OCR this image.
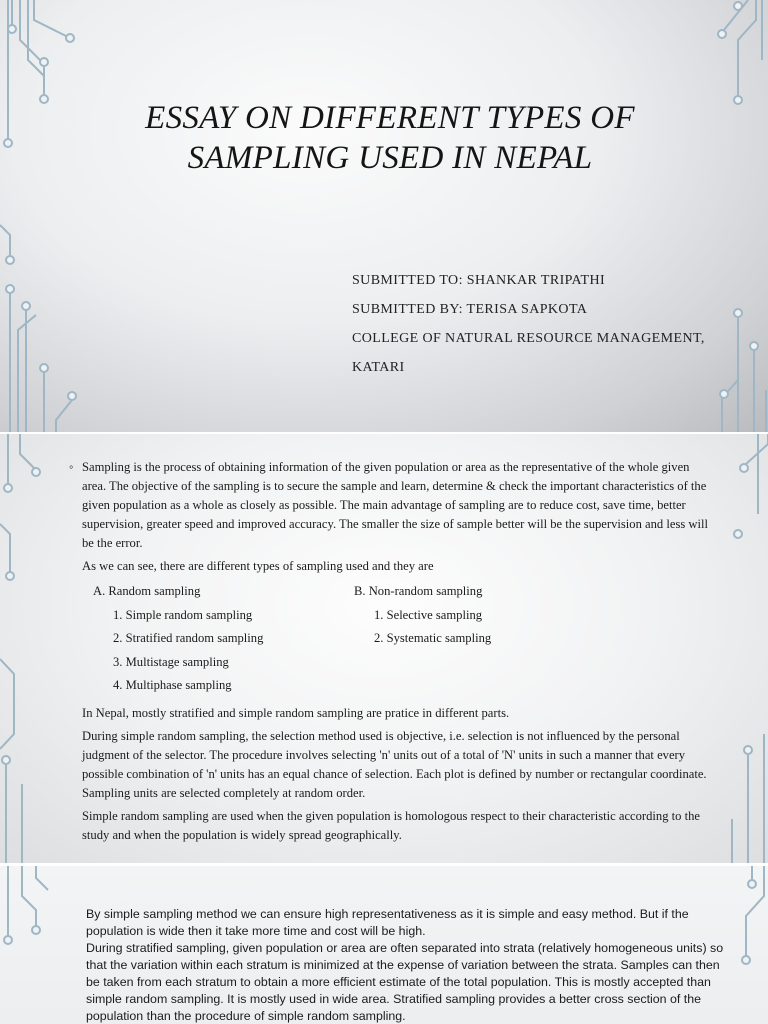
ESSAY ON DIFFERENT TYPES OF
SAMPLING USED IN NEPAL
SUBMITTED TO: SHANKAR TRIPATHI
SUBMITTED BY: TERISA SAPKOTA
COLLEGE OF NATURAL RESOURCE MANAGEMENT,
KATARI
◦ Sampling is the process of obtaining information of the given population or area as the representative of the whole given area. The objective of the sampling is to secure the sample and learn, determine & check the important characteristics of the given population as a whole as closely as possible. The main advantage of sampling are to reduce cost, save time, better supervision, greater speed and improved accuracy. The smaller the size of sample better will be the supervision and less will be the error.
As we can see, there are different types of sampling used and they are
A. Random sampling
1. Simple random sampling
2. Stratified random sampling
3. Multistage sampling
4. Multiphase sampling
B. Non-random sampling
1. Selective sampling
2. Systematic sampling
In Nepal, mostly stratified and simple random sampling are pratice in different parts.
During simple random sampling, the selection method used is objective, i.e. selection is not influenced by the personal judgment of the selector. The procedure involves selecting 'n' units out of a total of 'N' units in such a manner that every possible combination of 'n' units has an equal chance of selection. Each plot is defined by number or rectangular coordinate. Sampling units are selected completely at random order.
Simple random sampling are used when the given population is homologous respect to their characteristic according to the study and when the population is widely spread geographically.
By simple sampling method we can ensure high representativeness as it is simple and easy method. But if the population is wide then it take more time and cost will be high.
During stratified sampling, given population or area are often separated into strata (relatively homogeneous units) so that the variation within each stratum is minimized at the expense of variation between the strata. Samples can then be taken from each stratum to obtain a more efficient estimate of the total population. This is mostly accepted than simple random sampling. It is mostly used in wide area. Stratified sampling provides a better cross section of the population than the procedure of simple random sampling.
